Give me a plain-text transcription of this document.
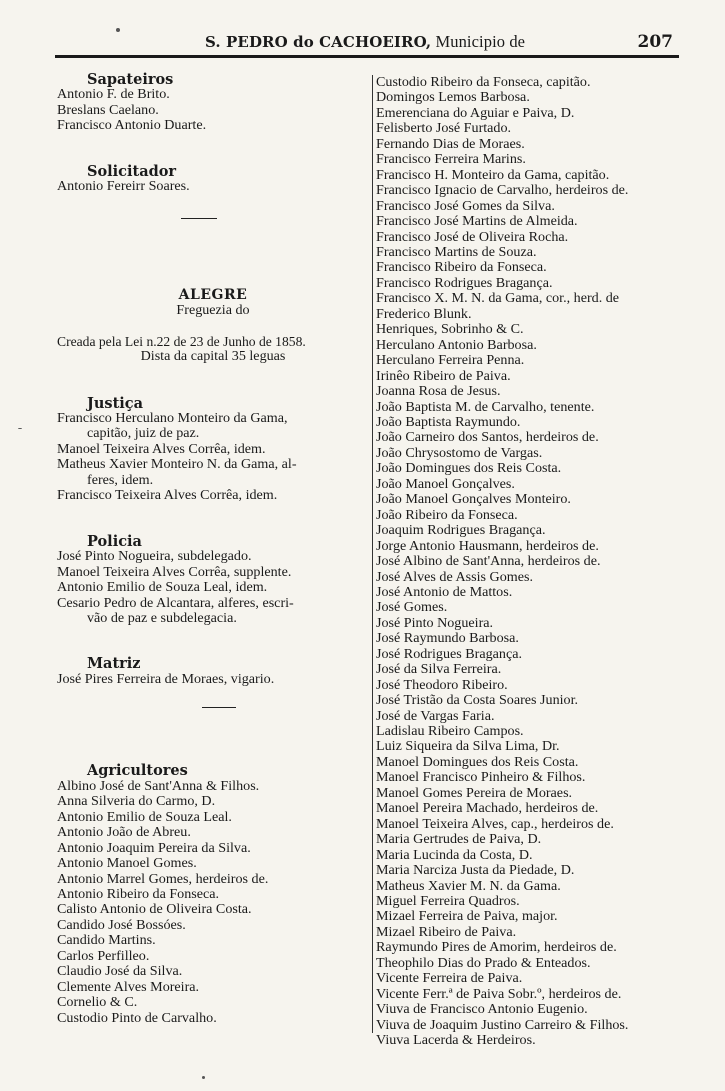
S. PEDRO do CACHOEIRO, Municipio de	207
Sapateiros
Antonio F. de Brito.
Breslans Caelano.
Francisco Antonio Duarte.
Solicitador
Antonio Fereirr Soares.
ALEGRE
Freguezia do
Creada pela Lei n.22 de 23 de Junho de 1858.
Dista da capital 35 leguas
Justiça
Francisco Herculano Monteiro da Gama,
capitão, juiz de paz.
Manoel Teixeira Alves Corrêa, idem.
Matheus Xavier Monteiro N. da Gama, al-
feres, idem.
Francisco Teixeira Alves Corrêa, idem.
Policia
José Pinto Nogueira, subdelegado.
Manoel Teixeira Alves Corrêa, supplente.
Antonio Emilio de Souza Leal, idem.
Cesario Pedro de Alcantara, alferes, escri-
vão de paz e subdelegacia.
Matriz
José Pires Ferreira de Moraes, vigario.
Agricultores
Albino José de Sant'Anna & Filhos.
Anna Silveria do Carmo, D.
Antonio Emilio de Souza Leal.
Antonio João de Abreu.
Antonio Joaquim Pereira da Silva.
Antonio Manoel Gomes.
Antonio Marrel Gomes, herdeiros de.
Antonio Ribeiro da Fonseca.
Calisto Antonio de Oliveira Costa.
Candido José Bossóes.
Candido Martins.
Carlos Perfilleo.
Claudio José da Silva.
Clemente Alves Moreira.
Cornelio & C.
Custodio Pinto de Carvalho.
Custodio Ribeiro da Fonseca, capitão.
Domingos Lemos Barbosa.
Emerenciana do Aguiar e Paiva, D.
Felisberto José Furtado.
Fernando Dias de Moraes.
Francisco Ferreira Marins.
Francisco H. Monteiro da Gama, capitão.
Francisco Ignacio de Carvalho, herdeiros de.
Francisco José Gomes da Silva.
Francisco José Martins de Almeida.
Francisco José de Oliveira Rocha.
Francisco Martins de Souza.
Francisco Ribeiro da Fonseca.
Francisco Rodrigues Bragança.
Francisco X. M. N. da Gama, cor., herd. de
Frederico Blunk.
Henriques, Sobrinho & C.
Herculano Antonio Barbosa.
Herculano Ferreira Penna.
Irinêo Ribeiro de Paiva.
Joanna Rosa de Jesus.
João Baptista M. de Carvalho, tenente.
João Baptista Raymundo.
João Carneiro dos Santos, herdeiros de.
João Chrysostomo de Vargas.
João Domingues dos Reis Costa.
João Manoel Gonçalves.
João Manoel Gonçalves Monteiro.
João Ribeiro da Fonseca.
Joaquim Rodrigues Bragança.
Jorge Antonio Hausmann, herdeiros de.
José Albino de Sant'Anna, herdeiros de.
José Alves de Assis Gomes.
José Antonio de Mattos.
José Gomes.
José Pinto Nogueira.
José Raymundo Barbosa.
José Rodrigues Bragança.
José da Silva Ferreira.
José Theodoro Ribeiro.
José Tristão da Costa Soares Junior.
José de Vargas Faria.
Ladislau Ribeiro Campos.
Luiz Siqueira da Silva Lima, Dr.
Manoel Domingues dos Reis Costa.
Manoel Francisco Pinheiro & Filhos.
Manoel Gomes Pereira de Moraes.
Manoel Pereira Machado, herdeiros de.
Manoel Teixeira Alves, cap., herdeiros de.
Maria Gertrudes de Paiva, D.
Maria Lucinda da Costa, D.
Maria Narciza Justa da Piedade, D.
Matheus Xavier M. N. da Gama.
Miguel Ferreira Quadros.
Mizael Ferreira de Paiva, major.
Mizael Ribeiro de Paiva.
Raymundo Pires de Amorim, herdeiros de.
Theophilo Dias do Prado & Enteados.
Vicente Ferreira de Paiva.
Vicente Ferr.ª de Paiva Sobr.º, herdeiros de.
Viuva de Francisco Antonio Eugenio.
Viuva de Joaquim Justino Carreiro & Filhos.
Viuva Lacerda & Herdeiros.
